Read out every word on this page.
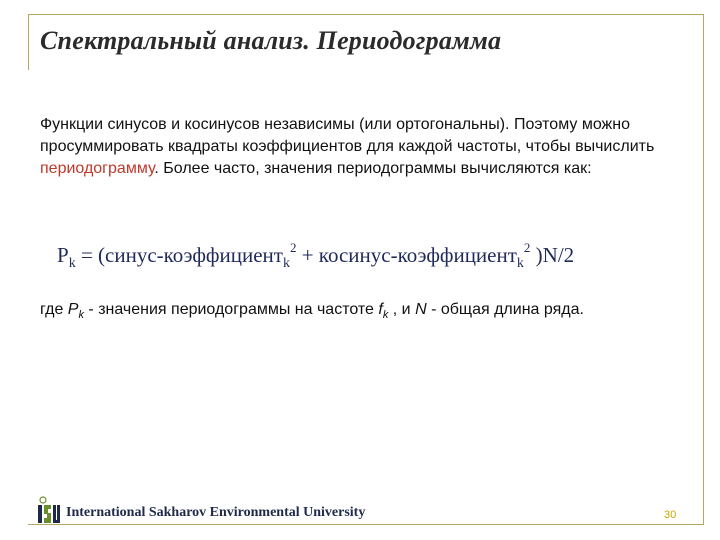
Спектральный анализ. Периодограмма
Функции синусов и косинусов независимы (или ортогональны). Поэтому можно просуммировать квадраты коэффициентов для каждой частоты, чтобы вычислить периодограмму. Более часто, значения периодограммы вычисляются как:
$P_k$ = (синус-коэффициент$_k^2$ + косинус-коэффициент$_k^2$ )N/2
где $P_k$ - значения периодограммы на частоте $f_k$ , и N - общая длина ряда.
International Sakharov Environmental University	30
